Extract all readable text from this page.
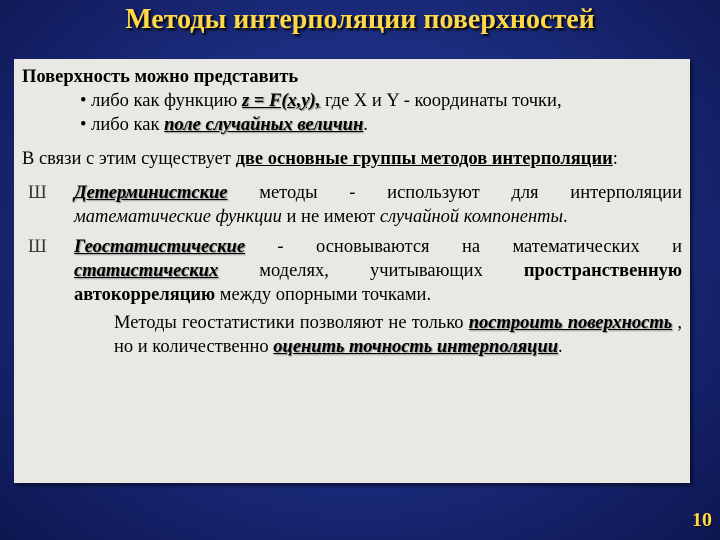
Методы интерполяции поверхностей

Поверхность можно представить

• либо как функцию z = F(x,y), где X и Y - координаты точки,

• либо как поле случайных величин.

В связи с этим существует две основные группы методов интерполяции:

Ш	Детерминистские методы - используют для интерполяции математические функции и не имеют случайной компоненты.
Ш	Геостатистические - основываются на математических и статистических моделях, учитывающих пространственную автокорреляцию между опорными точками.

Методы геостатистики позволяют не только построить поверхность , но и количественно оценить точность интерполяции.

10
